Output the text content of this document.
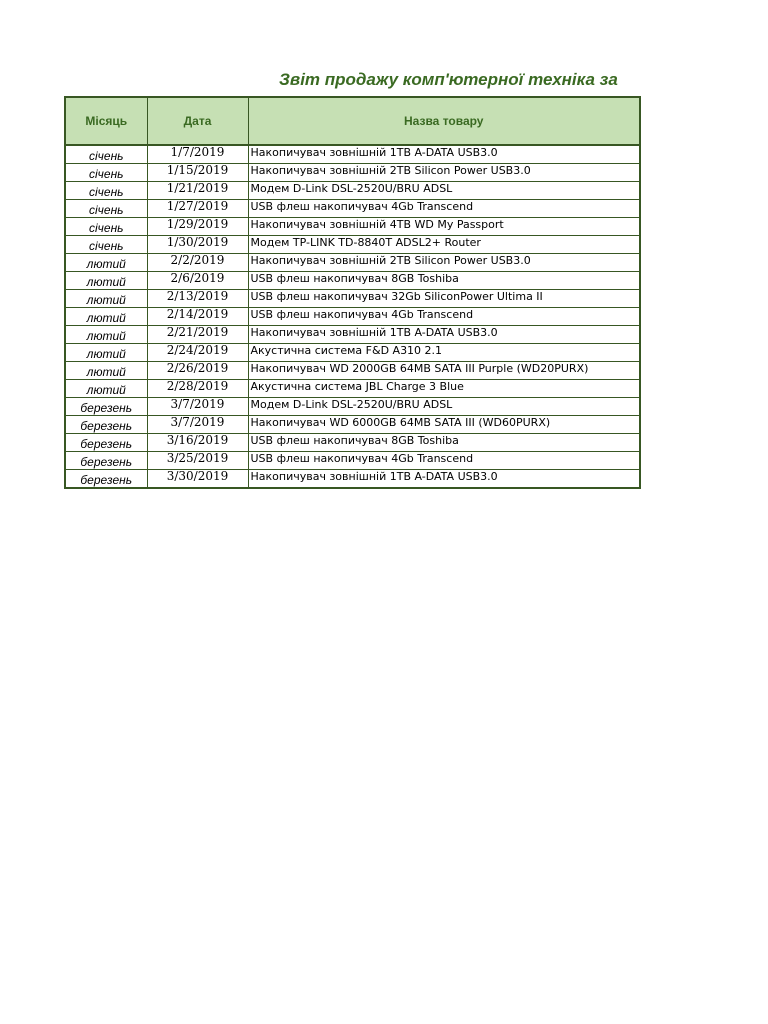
Звіт продажу комп'ютерної техніка за
Місяць	Дата	Назва товару
січень	1/7/2019	Накопичувач зовнішній 1TB A-DATA USB3.0
січень	1/15/2019	Накопичувач зовнішній 2TB Silicon Power USB3.0
січень	1/21/2019	Модем D-Link DSL-2520U/BRU ADSL
січень	1/27/2019	USB флеш накопичувач 4Gb Transcend
січень	1/29/2019	Накопичувач зовнішній 4TB WD My Passport
січень	1/30/2019	Модем TP-LINK TD-8840T ADSL2+ Router
лютий	2/2/2019	Накопичувач зовнішній 2TB Silicon Power USB3.0
лютий	2/6/2019	USB флеш накопичувач 8GB Toshiba
лютий	2/13/2019	USB флеш накопичувач 32Gb SiliconPower Ultima II
лютий	2/14/2019	USB флеш накопичувач 4Gb Transcend
лютий	2/21/2019	Накопичувач зовнішній 1TB A-DATA USB3.0
лютий	2/24/2019	Акустична система F&D A310 2.1
лютий	2/26/2019	Накопичувач WD 2000GB 64MB SATA III Purple (WD20PURX)
лютий	2/28/2019	Акустична система JBL Charge 3 Blue
березень	3/7/2019	Модем D-Link DSL-2520U/BRU ADSL
березень	3/7/2019	Накопичувач WD 6000GB 64MB SATA III (WD60PURX)
березень	3/16/2019	USB флеш накопичувач 8GB Toshiba
березень	3/25/2019	USB флеш накопичувач 4Gb Transcend
березень	3/30/2019	Накопичувач зовнішній 1TB A-DATA USB3.0
